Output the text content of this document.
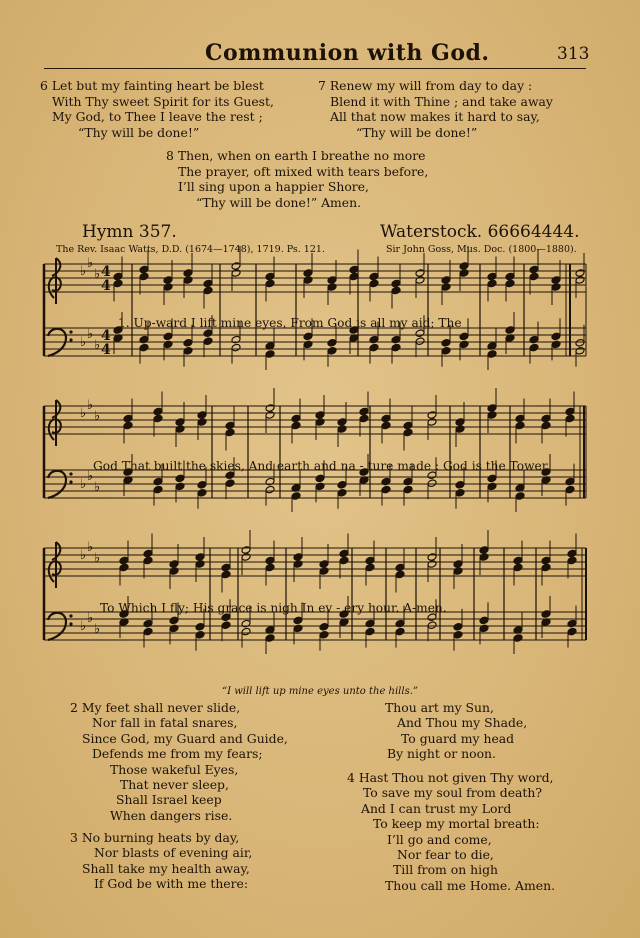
Communion with God.	313
6 Let but my fainting heart be blest
With Thy sweet Spirit for its Guest,
My God, to Thee I leave the rest ;
“Thy will be done!”
7 Renew my will from day to day :
Blend it with Thine ; and take away
All that now makes it hard to say,
“Thy will be done!”
8 Then, when on earth I breathe no more
The prayer, oft mixed with tears before,
I’ll sing upon a happier Shore,
“Thy will be done!” Amen.
Hymn 357.	Waterstock. 66664444.
The Rev. Isaac Watts, D.D. (1674—1748), 1719. Ps. 121.	Sir John Goss, Mus. Doc. (1800—1880).
♭
♭
♭
♭
♭
♭
4
4
4
4
♭
♭
♭
♭
♭
♭
♭
♭
♭
♭
♭
♭
1. Up-ward I lift mine eyes, From God is all my aid; The
God That built the skies, And earth and na - ture made : God is the Tower
To Which I fly; His grace is nigh In ev - ery hour. A-men.
“I will lift up mine eyes unto the hills.”
2 My feet shall never slide,
Nor fall in fatal snares,
Since God, my Guard and Guide,
Defends me from my fears;
Those wakeful Eyes,
That never sleep,
Shall Israel keep
When dangers rise.
3 No burning heats by day,
Nor blasts of evening air,
Shall take my health away,
If God be with me there:
Thou art my Sun,
And Thou my Shade,
To guard my head
By night or noon.
4 Hast Thou not given Thy word,
To save my soul from death?
And I can trust my Lord
To keep my mortal breath:
I’ll go and come,
Nor fear to die,
Till from on high
Thou call me Home. Amen.
